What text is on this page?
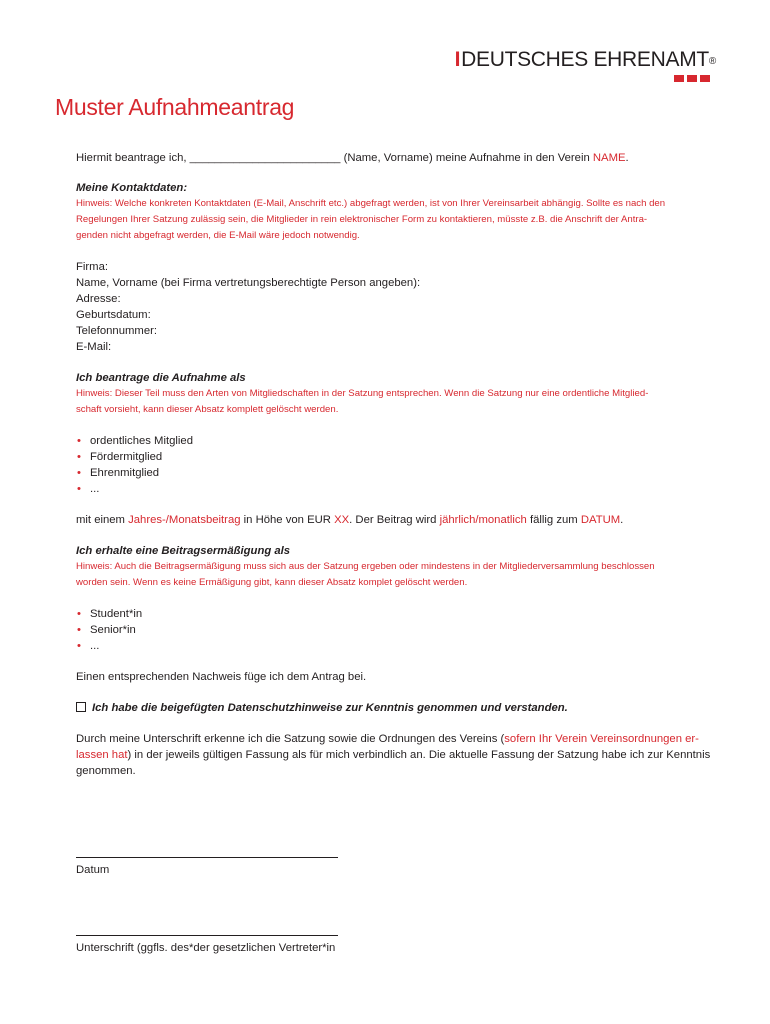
IDEUTSCHES EHRENAMT®
Muster Aufnahmeantrag

Hiermit beantrage ich, ________________________ (Name, Vorname) meine Aufnahme in den Verein NAME.

Meine Kontaktdaten:

Hinweis: Welche konkreten Kontaktdaten (E-Mail, Anschrift etc.) abgefragt werden, ist von Ihrer Vereinsarbeit abhängig. Sollte es nach den

Regelungen Ihrer Satzung zulässig sein, die Mitglieder in rein elektronischer Form zu kontaktieren, müsste z.B. die Anschrift der Antra-

genden nicht abgefragt werden, die E-Mail wäre jedoch notwendig.

Firma:

Name, Vorname (bei Firma vertretungsberechtigte Person angeben):

Adresse:

Geburtsdatum:

Telefonnummer:

E-Mail:

Ich beantrage die Aufnahme als

Hinweis: Dieser Teil muss den Arten von Mitgliedschaften in der Satzung entsprechen. Wenn die Satzung nur eine ordentliche Mitglied-

schaft vorsieht, kann dieser Absatz komplett gelöscht werden.

• ordentliches Mitglied
• Fördermitglied
• Ehrenmitglied
• ...

mit einem Jahres-/Monatsbeitrag in Höhe von EUR XX. Der Beitrag wird jährlich/monatlich fällig zum DATUM.

Ich erhalte eine Beitragsermäßigung als

Hinweis: Auch die Beitragsermäßigung muss sich aus der Satzung ergeben oder mindestens in der Mitgliederversammlung beschlossen

worden sein. Wenn es keine Ermäßigung gibt, kann dieser Absatz komplet gelöscht werden.

• Student*in
• Senior*in
• ...

Einen entsprechenden Nachweis füge ich dem Antrag bei.

Ich habe die beigefügten Datenschutzhinweise zur Kenntnis genommen und verstanden.

Durch meine Unterschrift erkenne ich die Satzung sowie die Ordnungen des Vereins (sofern Ihr Verein Vereinsordnungen er-

lassen hat) in der jeweils gültigen Fassung als für mich verbindlich an. Die aktuelle Fassung der Satzung habe ich zur Kenntnis

genommen.

Datum
Unterschrift (ggfls. des*der gesetzlichen Vertreter*in
